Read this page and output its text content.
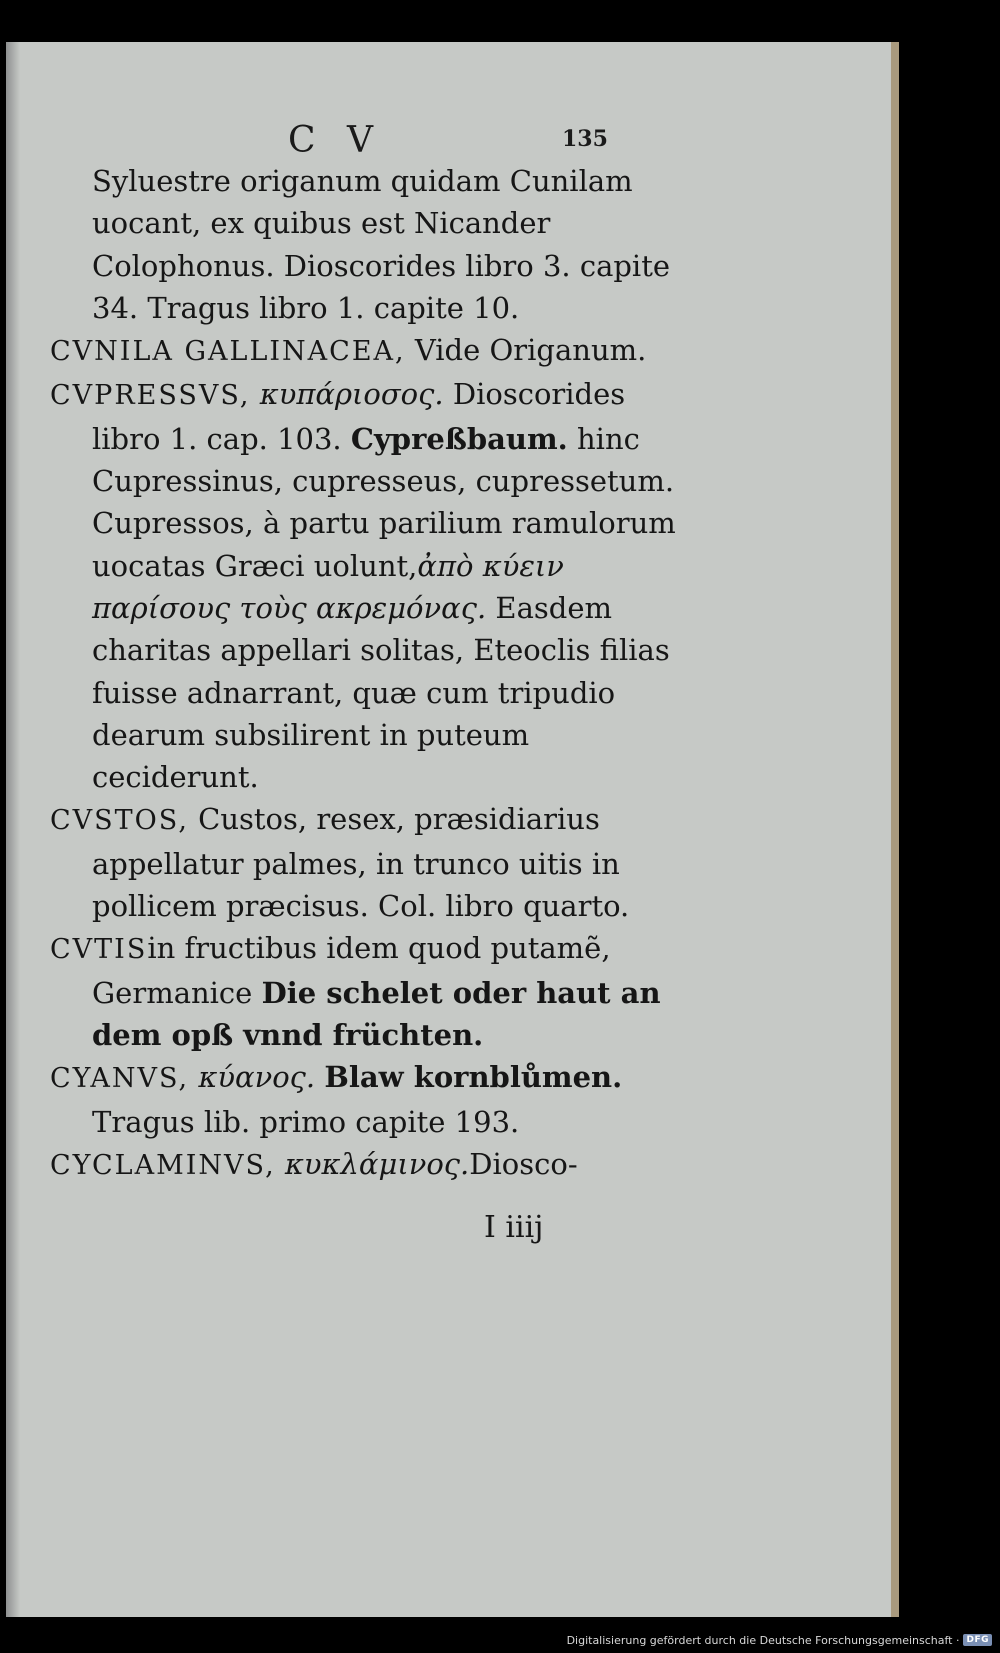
C V	135

Syluestre origanum quidam Cunilam uocant, ex quibus est Nicander Colophonus. Dioscorides libro 3. capite 34. Tragus libro 1. capite 10.

CVNILA GALLINACEA, Vide Origanum.

CVPRESSVS, κυπάριοσος. Dioscorides libro 1. cap. 103. Cypreßbaum. hinc Cupressinus, cupresseus, cupressetum. Cupressos, à partu parilium ramulorum uocatas Græci uolunt,ἀπὸ κύειν παρίσους τοὺς ακρεμόνας. Easdem charitas appellari solitas, Eteoclis filias fuisse adnarrant, quæ cum tripudio dearum subsilirent in puteum ceciderunt.

CVSTOS, Custos, resex, præsidiarius appellatur palmes, in trunco uitis in pollicem præcisus. Col. libro quarto.

CVTISin fructibus idem quod putamẽ, Germanice Die schelet oder haut an dem opß vnnd früchten.

CYANVS, κύανος. Blaw kornblůmen. Tragus lib. primo capite 193.

CYCLAMINVS, κυκλάμινος.Diosco-

I iiij
Digitalisierung gefördert durch die Deutsche Forschungsgemeinschaft · DFG
